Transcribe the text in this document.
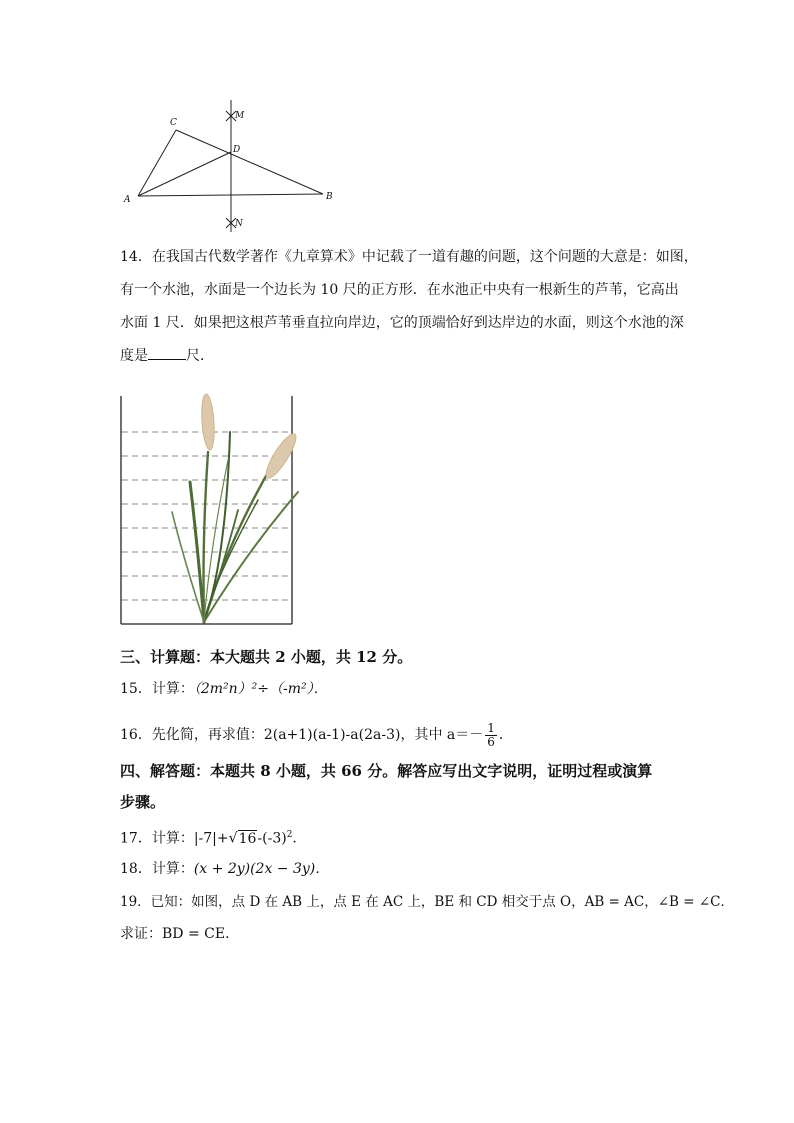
A	B
C
D
M
N
14．在我国古代数学著作《九章算术》中记载了一道有趣的问题，这个问题的大意是：如图，
有一个水池，水面是一个边长为 10 尺的正方形．在水池正中央有一根新生的芦苇，它高出
水面 1 尺．如果把这根芦苇垂直拉向岸边，它的顶端恰好到达岸边的水面，则这个水池的深
度是	尺．
三、计算题：本大题共 2 小题，共 12 分。
15．计算：（2m²n）²÷（-m²）．
16．先化简，再求值：2(a+1)(a-1)-a(2a-3)，其中 $a=- \frac{1}{6}$ ．
四、解答题：本题共 8 小题，共 66 分。解答应写出文字说明，证明过程或演算
步骤。
17．计算：$|-7|+√16-(-3)^2$．
18．计算：(x + 2y)(2x − 3y)．
19．已知：如图，点 D 在 AB 上，点 E 在 AC 上，BE 和 CD 相交于点 O，AB = AC，∠B = ∠C．
求证：BD = CE．
